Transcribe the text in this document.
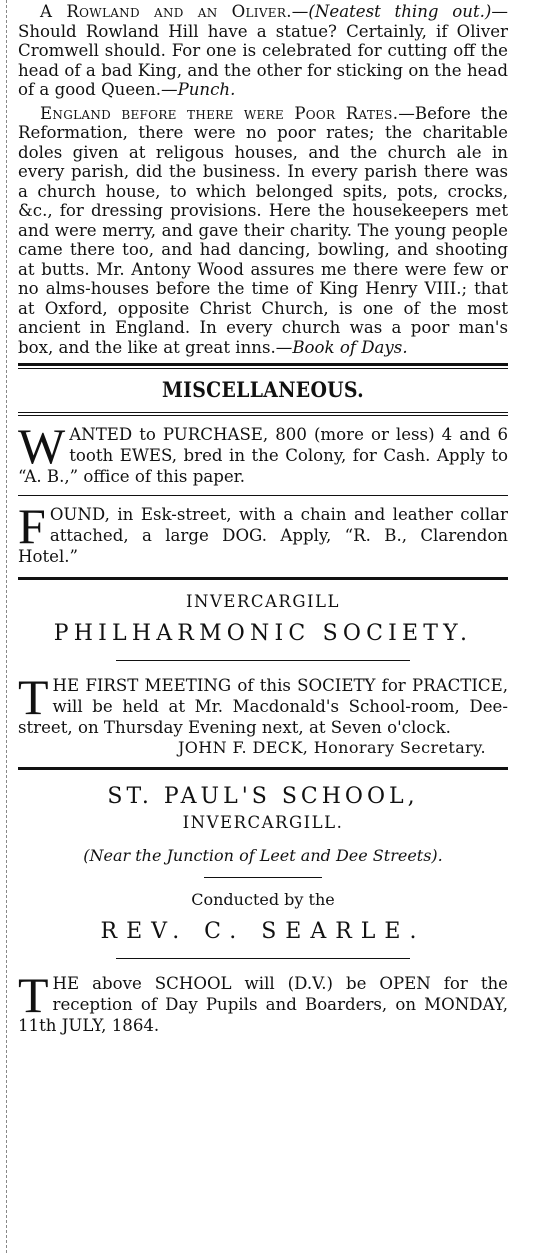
A Rowland and an Oliver.—(Neatest thing out.)—Should Rowland Hill have a statue? Certainly, if Oliver Cromwell should. For one is celebrated for cutting off the head of a bad King, and the other for sticking on the head of a good Queen.—Punch.

England before there were Poor Rates.—Before the Reformation, there were no poor rates; the charitable doles given at religous houses, and the church ale in every parish, did the business. In every parish there was a church house, to which belonged spits, pots, crocks, &c., for dressing provisions. Here the housekeepers met and were merry, and gave their charity. The young people came there too, and had dancing, bowling, and shooting at butts. Mr. Antony Wood assures me there were few or no alms-houses before the time of King Henry VIII.; that at Oxford, opposite Christ Church, is one of the most ancient in England. In every church was a poor man's box, and the like at great inns.—Book of Days.

MISCELLANEOUS.
W ANTED to PURCHASE, 800 (more or less) 4 and 6 tooth EWES, bred in the Colony, for Cash. Apply to “A. B.,” office of this paper.

F OUND, in Esk-street, with a chain and leather collar attached, a large DOG. Apply, “R. B., Clarendon Hotel.”

INVERCARGILL
PHILHARMONIC SOCIETY.
T HE FIRST MEETING of this SOCIETY for PRACTICE, will be held at Mr. Macdonald's School-room, Dee-street, on Thursday Evening next, at Seven o'clock.

JOHN F. DECK, Honorary Secretary.
ST. PAUL'S SCHOOL,
INVERCARGILL.
(Near the Junction of Leet and Dee Streets).
Conducted by the
REV. C. SEARLE.
T HE above SCHOOL will (D.V.) be OPEN for the reception of Day Pupils and Boarders, on MONDAY, 11th JULY, 1864.
